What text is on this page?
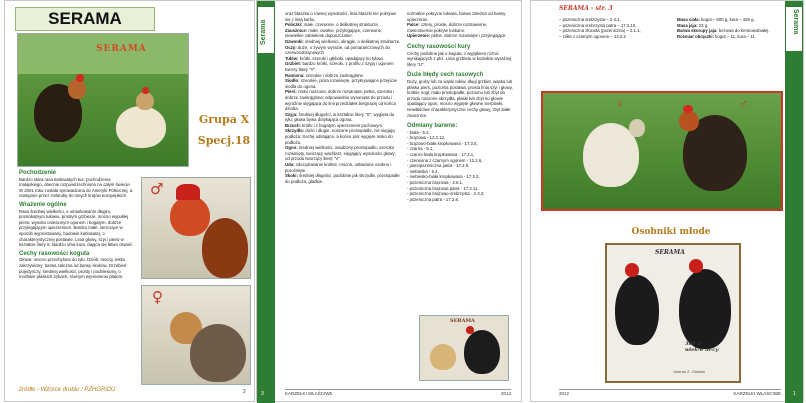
SERAMA
SERAMA
Grupa X
Specj.18
Pochodzenie
Bardzo stara rasa karłowatych kur, pochodzenia malajskiego, obecnie rozpowszechniona na całym świecie. W 2001 roku została sprowadzona do Ameryki Północnej, a następnie przez Holandię do innych krajów europejskich.
Wrażenie ogólne
Rasa średniej wielkości, o umiarkowanie długim, prostokątnym tułowiu, prostym grzbiecie, mocno wypukłej piersi, wysoko uniesionym ogonem i bogatym, dobrze przylegającym upierzeniem. Bardzo małe, sterczące w sposób wyprostowany, budowie karłowatej, o charakterystycznej postawie. Linia głowy, szyi i piersi w kształcie litery S. Bardzo ufna kura, dająca się łatwo oswoić.
Cechy rasowości koguta
Głowa: mocno przechylona do tyłu. Dziób: mocny, lekko zakrzywiony; barwa zależna od barwy skoków. Grzebień: pojedynczy, średniej wielkości, prosty i podniesiony, o możliwie płaskich zębach, równym wyniesieniu płatem.
♂
♀
źródło - Wzorce drobiu / PZHGRiDU	2
Serama
oraz blaszka o równej wysokości, linia blaszki nie pokrywa się z linią karku.
Policzki: małe, czerwone, o delikatnej strukturze.
Zausznice: małe, owalne, przylegające, czerwone; niewielkie zabielenie dopuszczalne.
Dzwonki: średniej wielkości, okrągłe, o delikatnej strukturze.
Oczy: duże, o żywym wyrazie, od pomarańczowych do czerwonobrązowych.
Tułów: krótki, szeroki i głęboki, opadający ku tyłowi.
Grzbiet: bardzo krótki, szeroki, z profilu z szyją i ogonem tworzy literę "V".
Ramiona: szerokie i dobrze zaokrąglone.
Siodło: szerokie, pióra rozwinięte, przykrywające przejście siodła do ogona.
Pierś: nisko noszona, dobrze rozwinięta, pełna, szeroka i dobrze zaokrąglona; odpowiednio wysunięta do przodu i wyraźnie sięgająca do linii przedziałek biegnącej od końca dzioba.
Szyja: średniej długości, w kształcie litery "S", wygięta do tyłu; głowa bywa dotykająca ogona.
Brzuch: krótki i z bogatym upierzeniem puchowym.
Skrzydła: duże i długie, noszone prostopadle, nie sięgają podłoża; trochę odstające, a końce piór wygięte nisko do podłoża.
Ogon: średniej wielkości, osadzony prostopadle, szeroko rozwinięty, tworzący wachlarz, sięgający wysokości głowy; od przodu tworzący literę "V".
Uda: zdecydowanie krótkie, mocne, ustawione osobno i porośnięte.
Skoki: średniej długości, podobnie jak skrzydła, prostopadłe do podłoża, gładkie.
normalne pokrycie tułowia, barwa zależna od barwy upierzenia.
Palce: cztery, proste, dobrze rozstawione, równomiernie pokryte łuskami.
Upierzenie: pełne, dobrze rozwinięte i przylegające.
Cechy rasowości kury
Cechy podobne jak u koguta, z wyjątkiem różnic wynikających z płci. Linia grzbietu w kształcie wyraźnej litery "U".
Duże błędy cech rasowych
Duży, gruby lub za wąski tułów, długi grzbiet, wąska lub płaska pierś, pozioma postawa, prosta linia szyi i głowy, krótkie nogi; mało prostopadłe, poziomo lub zbyt do przodu noszone skrzydła, płaski lub zbyt ku głowie opadający ogon, mocno wygięte głowne sierpówki, niewłaściwe charakterystyczne cechy głowy, zbyt białe zausznice.
Odmiany barwne:
- biała - 5.2,
- brązowa - 12.2.12,
- brązowo-biała kropkowana - 17.3.5,
- czarna - 5.1,
- czarno-biała kropkowana - 17.3.1,
- czerwona z czarnym ogonem - 12.2.6,
- jasnopszenicznа patra - 17.2.9,
- niebieska - 5.4,
- niebiesko-biała kropkowana - 17.3.2,
- pszeniczna brązowa - 2.6.1,
- pszeniczna brązowa patra - 17.2.11,
- pszeniczna brązowo-srebrzysta - 2.3.3,
- pszeniczna patra - 17.2.8,
SERAMA
KARZEŁKI WŁAŚCIWE	2012
3
Serama
SERAMA - str. 3
– pszeniczna srebrzysta – 2.3.1,
– pszeniczna srebrzysta patra – 17.2.10,
– pszeniczna złocista (pszeniczna) – 2.1.1,
– żółta z czarnym ogonem – 12.2.2
Masa ciała: kogut – 500 g, kura – 425 g.
Masa jaja: 23 g.
Barwa skorupy jaja: beżowa do kremowobiałej.
Rozmiar obrączki: kogut – 11, kura – 11
♀	♂
Osobniki młode
SERAMA
380 g
wiek-6 m-cy
Jolanta Z. Gilarski
2012	KARZEŁKI WŁAŚCIWE 1
